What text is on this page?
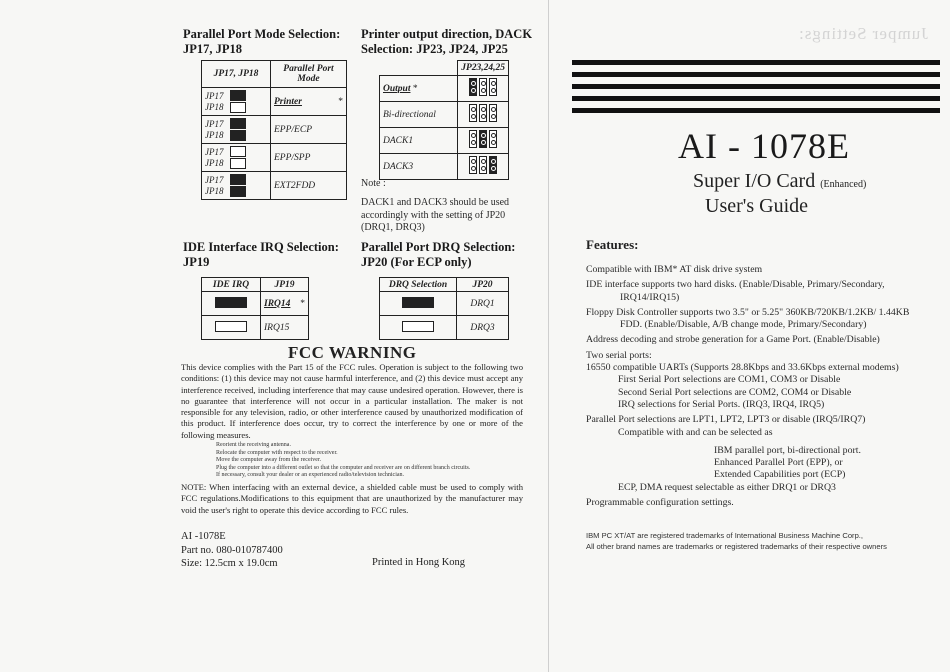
Parallel Port Mode Selection:
JP17, JP18
JP17, JP18	Parallel Port
Mode

JP17
JP18	Printer *

JP17
JP18	EPP/ECP

JP17
JP18	EPP/SPP

JP17
JP18	EXT2FDD
Printer output direction, DACK
Selection: JP23, JP24, JP25
	JP23,24,25
Output *	

Bi-directional	

DACK1	

DACK3	
Note :
DACK1 and DACK3 should be used accordingly with the setting of JP20 (DRQ1, DRQ3)
IDE Interface IRQ Selection:
JP19
IDE IRQ	JP19
	IRQ14 *

	IRQ15
Parallel Port DRQ Selection:
JP20 (For ECP only)
DRQ Selection	JP20
	DRQ1
	DRQ3
FCC WARNING
This device complies with the Part 15 of the FCC rules. Operation is subject to the following two conditions: (1) this device may not cause harmful interference, and (2) this device must accept any interference received, including interference that may cause undesired operation. However, there is no guarantee that interference will not occur in a particular installation. The maker is not responsible for any television, radio, or other interference caused by unauthorized modification of this product. If interference does occur, try to correct the interference by one or more of the following measures.
Reorient the receiving antenna.
Relocate the computer with respect to the receiver.
Move the computer away from the receiver.
Plug the computer into a different outlet so that the computer and receiver are on different branch circuits.
If necessary, consult your dealer or an experienced radio/television technician.
NOTE: When interfacing with an external device, a shielded cable must be used to comply with FCC regulations.Modifications to this equipment that are unauthorized by the manufacturer may void the user's right to operate this device according to FCC rules.
AI -1078E
Part no. 080-010787400
Size: 12.5cm x 19.0cm	Printed in Hong Kong
Jumper Settings:
AI - 1078E
Super I/O Card (Enhanced)
User's Guide
Features:

Compatible with IBM* AT disk drive system

IDE interface supports two hard disks. (Enable/Disable, Primary/Secondary, IRQ14/IRQ15)

Floppy Disk Controller supports two 3.5" or 5.25" 360KB/720KB/1.2KB/ 1.44KB FDD. (Enable/Disable, A/B change mode, Primary/Secondary)

Address decoding and strobe generation for a Game Port. (Enable/Disable)

Two serial ports:

16550 compatible UARTs (Supports 28.8Kbps and 33.6Kbps external modems)

First Serial Port selections are COM1, COM3 or Disable

Second Serial Port selections are COM2, COM4 or Disable

IRQ selections for Serial Ports. (IRQ3, IRQ4, IRQ5)

Parallel Port selections are LPT1, LPT2, LPT3 or disable (IRQ5/IRQ7)

Compatible with and can be selected as

IBM parallel port, bi-directional port.

Enhanced Parallel Port (EPP), or

Extended Capabilities port (ECP)

ECP, DMA request selectable as either DRQ1 or DRQ3

Programmable configuration settings.

IBM PC XT/AT are registered trademarks of International Business Machine Corp.,
All other brand names are trademarks or registered trademarks of their respective owners
